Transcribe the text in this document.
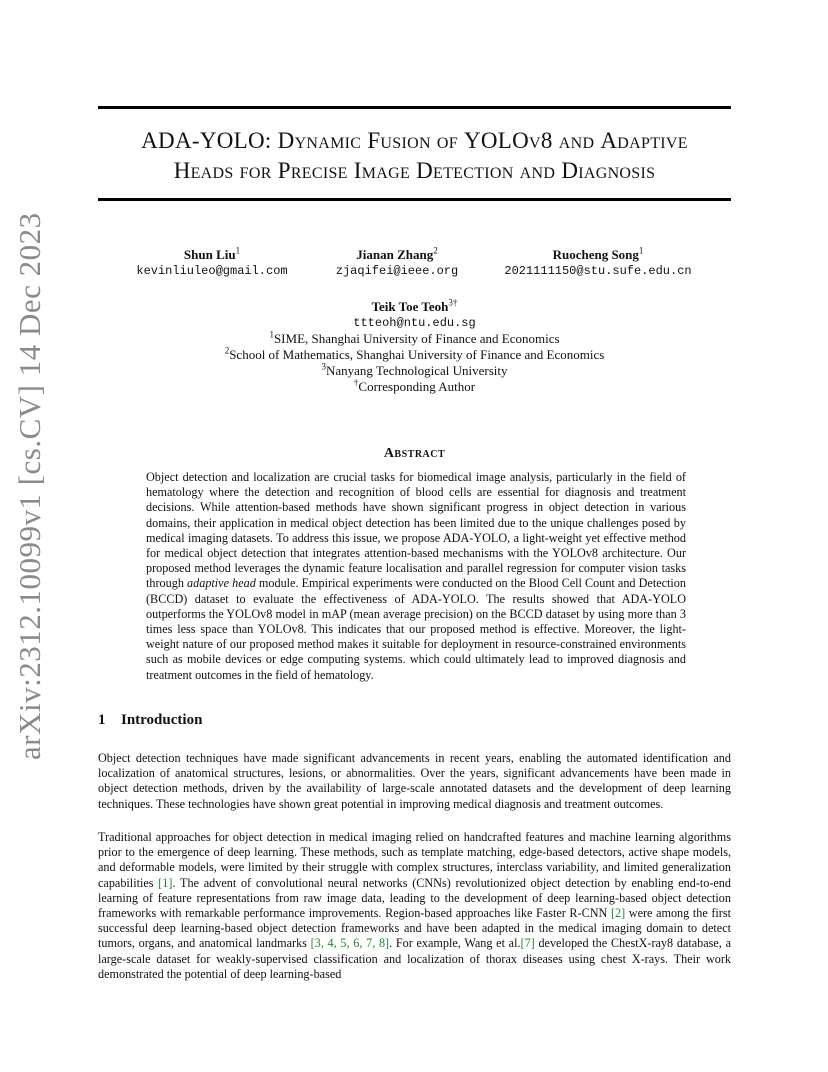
arXiv:2312.10099v1 [cs.CV] 14 Dec 2023
ADA-YOLO: Dynamic Fusion of YOLOv8 and Adaptive
Heads for Precise Image Detection and Diagnosis
Shun Liu$^1$
kevinliuleo@gmail.com
Jianan Zhang$^2$
zjaqifei@ieee.org
Ruocheng Song$^1$
2021111150@stu.sufe.edu.cn
Teik Toe Teoh$^{3\dagger}$
ttteoh@ntu.edu.sg
$^1$SIME, Shanghai University of Finance and Economics
$^2$School of Mathematics, Shanghai University of Finance and Economics
$^3$Nanyang Technological University
†Corresponding Author
Abstract
Object detection and localization are crucial tasks for biomedical image analysis, particularly in the field of hematology where the detection and recognition of blood cells are essential for diagnosis and treatment decisions. While attention-based methods have shown significant progress in object detection in various domains, their application in medical object detection has been limited due to the unique challenges posed by medical imaging datasets. To address this issue, we propose ADA-YOLO, a light-weight yet effective method for medical object detection that integrates attention-based mechanisms with the YOLOv8 architecture. Our proposed method leverages the dynamic feature localisation and parallel regression for computer vision tasks through adaptive head module. Empirical experiments were conducted on the Blood Cell Count and Detection (BCCD) dataset to evaluate the effectiveness of ADA-YOLO. The results showed that ADA-YOLO outperforms the YOLOv8 model in mAP (mean average precision) on the BCCD dataset by using more than 3 times less space than YOLOv8. This indicates that our proposed method is effective. Moreover, the light-weight nature of our proposed method makes it suitable for deployment in resource-constrained environments such as mobile devices or edge computing systems. which could ultimately lead to improved diagnosis and treatment outcomes in the field of hematology.
1 Introduction
Object detection techniques have made significant advancements in recent years, enabling the automated identification and localization of anatomical structures, lesions, or abnormalities. Over the years, significant advancements have been made in object detection methods, driven by the availability of large-scale annotated datasets and the development of deep learning techniques. These technologies have shown great potential in improving medical diagnosis and treatment outcomes.
Traditional approaches for object detection in medical imaging relied on handcrafted features and machine learning algorithms prior to the emergence of deep learning. These methods, such as template matching, edge-based detectors, active shape models, and deformable models, were limited by their struggle with complex structures, interclass variability, and limited generalization capabilities [1]. The advent of convolutional neural networks (CNNs) revolutionized object detection by enabling end-to-end learning of feature representations from raw image data, leading to the development of deep learning-based object detection frameworks with remarkable performance improvements. Region-based approaches like Faster R-CNN [2] were among the first successful deep learning-based object detection frameworks and have been adapted in the medical imaging domain to detect tumors, organs, and anatomical landmarks [3, 4, 5, 6, 7, 8]. For example, Wang et al.[7] developed the ChestX-ray8 database, a large-scale dataset for weakly-supervised classification and localization of thorax diseases using chest X-rays. Their work demonstrated the potential of deep learning-based
